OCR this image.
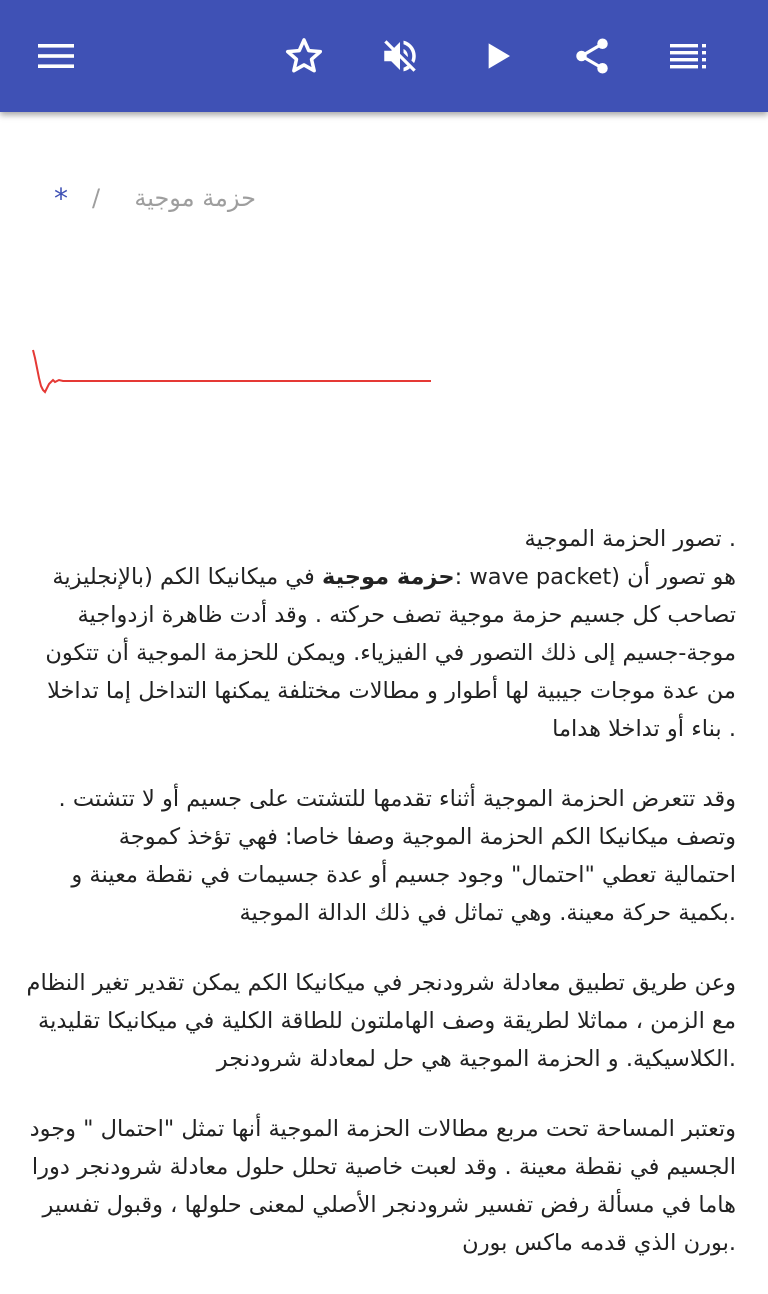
حزمة موجية
/
*

. تصور الحزمة الموجية
هو تصور أن (wave packet :حزمة موجية في ميكانيكا الكم (بالإنجليزية
تصاحب كل جسيم حزمة موجية تصف حركته . وقد أدت ظاهرة ازدواجية
موجة-جسيم إلى ذلك التصور في الفيزياء. ويمكن للحزمة الموجية أن تتكون
من عدة موجات جيبية لها أطوار و مطالات مختلفة يمكنها التداخل إما تداخلا
. بناء أو تداخلا هداما

وقد تتعرض الحزمة الموجية أثناء تقدمها للتشتت على جسيم أو لا تتشتت .
وتصف ميكانيكا الكم الحزمة الموجية وصفا خاصا: فهي تؤخذ كموجة
احتمالية تعطي "احتمال" وجود جسيم أو عدة جسيمات في نقطة معينة و
.بكمية حركة معينة. وهي تماثل في ذلك الدالة الموجية

وعن طريق تطبيق معادلة شرودنجر في ميكانيكا الكم يمكن تقدير تغير النظام
مع الزمن ، مماثلا لطريقة وصف الهاملتون للطاقة الكلية في ميكانيكا تقليدية
.الكلاسيكية. و الحزمة الموجية هي حل لمعادلة شرودنجر

وتعتبر المساحة تحت مربع مطالات الحزمة الموجية أنها تمثل "احتمال " وجود
الجسيم في نقطة معينة . وقد لعبت خاصية تحلل حلول معادلة شرودنجر دورا
هاما في مسألة رفض تفسير شرودنجر الأصلي لمعنى حلولها ، وقبول تفسير
.بورن الذي قدمه ماكس بورن
